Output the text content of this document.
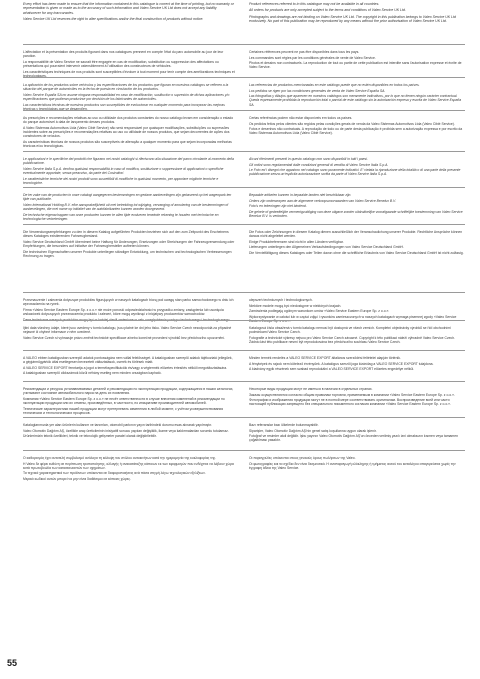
Every effort has been made to ensure that the information contained in this catalogue is correct at the time of printing, but no warranty or representation is given or made as to the accuracy of such information and Valeo Service UK Ltd does not accept any liability whatsoever for any inaccuracies.

Valeo Service UK Ltd reserves the right to alter specifications and/or the final construction of products without notice.

Product references referred to in this catalogue may not be available in all countries.

All orders for products are only accepted subject to the terms and conditions of Valeo Service UK Ltd.

Photographs and drawings are not binding on Valeo Service UK Ltd. The copyright in this publication belongs to Valeo Service UK Ltd exclusively. No part of this publication may be reproduced by any means without the prior authorisation of Valeo Service UK Ltd.

L'affectation et la présentation des produits figurant dans nos catalogues prennent en compte l'état du parc automobile au jour de leur parution.

La responsabilité de Valeo Service ne saurait être engagée en cas de modification, substitution ou suppression des affectations ou présentations qui pourraient intervenir ostensiblement à l'utilisation des constructeurs de véhicules.

Les caractéristiques techniques de nos produits sont susceptibles d'évoluer à tout moment pour tenir compte des améliorations techniques et technologiques.

Certaines références peuvent ne pas être disponibles dans tous les pays.

Les commandes sont régies par les conditions générales de vente de Valeo Service.

Photos et dessins non contractuels. La reproduction de tout ou partie de cette publication est interdite sans l'autorisation expresse et écrite de Valeo Service.

La aplicación de los productos sobre vehículos y las especificaciones de los productos que figuran en nuestros catálogos se refieren a la situación del parque de automóviles en la fecha de puesta en circulación de los productos.

Valeo Service España SA no asume ninguna responsabilidad en caso de modificación, sustitución o supresión de dichas aplicaciones y/o especificaciones que pudieran producirse por decisión de los fabricantes de automóviles.

Las características técnicas de nuestros productos son susceptibles de evolucionar en cualquier momento para incorporar las mejoras técnicas y tecnológicas que se desarrollen.

Las referencias de productos mencionadas en este catálogo puede que no estén disponibles en todos los países.

Los pedidos se rigen por las condiciones generales de venta de Valeo Service España SA.

Las fotografías y dibujos que aparecen en nuestros catálogos son meramente indicativos, por lo que no tienen ningún carácter contractual. Queda expresamente prohibida la reproducción total o parcial de este catálogo sin la autorización expresa y escrita de Valeo Service España SA.

As prescrições e recomendações relativas ao uso ou utilidade dos produtos constantes do nosso catálogo levam em consideração o estado do parque automóvel à data de lançamento desses produtos.

A Valeo Sistemas Automotivos Ltda (Valeo Cibié Service) não será responsável por quaisquer modificações, substituições ou supressões incidentes sobre as prescrições e recomendações relativas ao uso ou utilidade de nossos produtos, que sejam decorrentes de ações dos construtores de veículos.

As características técnicas de nossos produtos são susceptíveis de alteração a qualquer momento para que sejam incorporadas melhorias técnicas e/ou tecnológicas.

Certas referências podem não estar disponíveis em todos os países.

Os pedidos feitos pelos clientes são regidos pelas condições gerais de venda da Valeo Sistemas Automotivos Ltda (Valeo Cibié Service).

Fotos e desenhos não contratuais. A reprodução de todo ou de parte desta publicação é proibida sem a autorização expressa e por escrito da Valeo Sistemas Automotivos Ltda (Valeo Cibié Service).

Le applicazioni e le specifiche dei prodotti che figurano nei nostri cataloghi si riferiscono alla situazione del parco circolante al momento della pubblicazione.

Valeo Service Italia S.p.A. declina qualsiasi responsabilità in caso di modifica, sostituzione o soppressione di applicazioni o specifiche eventualmente apportate, senza preavviso, da parte dei Costruttori.

Le caratteristiche tecniche dei nostri prodotti sono suscettibili di modifiche in qualsiasi momento, per apportare migliorie tecniche e tecnologiche.

Alcuni riferimenti presenti in questo catalogo non sono disponibili in tutti i paesi.

Gli ordini sono regolamentati dalle condizioni generali di vendita di Valeo Service Italia S.p.A.

Le Foto ed i disegni che appaiono nel catalogo sono puramente indicativi. E' vietata la riproduzione della totalità o di una parte della presente pubblicazione senza un'esplicita autorizzazione scritta da parte di Valeo Service Italia S.p.A.

De ter zake van de producten in onze catalogi aangegeven bestemmingen en gedane aanbevelingen zijn gebaseerd op het wagenpark ten tijde van publicatie.

Valeo International Holding B.V. elke aansprakelijkheid uit met betrekking tot wijziging, vervanging of annulering van de bestemmingen of aanbevelingen, die met name op initiatief van de autofabrikanten kunnen worden doorgevoerd.

De technische eigenschappen van onze producten kunnen te allen tijde evolueren teneinde rekening te houden met technische en technologische verbeteringen.

Bepaalde artikelen kunnen in bepaalde landen niet beschikbaar zijn.

Orders zijn onderworpen aan de algemene verkoopsvoorwaarden van Valeo Service Benelux B.V.

Foto's en tekeningen zijn niet bindend.

De gehele of gedeeltelijke vermenigvuldiging van deze uitgave zonder uitdrukkelijke voorafgaande schriftelijke toestemming van Valeo Service Benelux B.V. is verboden.

Die Verwendungsempfehlungen zu den in diesem Katalog aufgeführten Produkten beziehen sich auf den zum Zeitpunkt des Erscheinens dieses Kataloges existierenden Fahrzeugbestand.

Valeo Service Deutschland GmbH übernimmt keine Haftung für Änderungen, Ersetzungen oder Streichungen der Fahrzeugverwendung oder Empfehlungen, die besonders auf Initiative der Fahrzeughersteller auftreten können.

Die technischen Eigenschaften unserer Produkte unterliegen ständiger Entwicklung, um technischen und technologischen Verbesserungen Rechnung zu tragen.

Die Fotos oder Zeichnungen in diesem Katalog dienen ausschließlich der Veranschaulichung unserer Produkte. Rechtliche Ansprüche können daraus nicht abgeleitet werden.

Einige Produktreferenzen sind nicht in allen Ländern verfügbar.

Lieferungen unterliegen den Allgemeinen Verkaufsbedingungen von Valeo Service Deutschland GmbH.

Die Vervielfältigung dieses Kataloges oder Teilen davon ohne die schriftliche Erlaubnis von Valeo Service Deutschland GmbH ist nicht zulässig.

Przeznaczenie i zalecenia dotyczące produktów figurujących w naszych katalogach biorą pod uwagę stan parku samochodowego w dniu ich wprowadzenia na rynek.

Firma «Valeo Service Eastern Europe Sp. z o.o.» nie może ponosić odpowiedzialności w przypadku zmiany, zastąpienia lub usunięcia wskazówek dotyczących przeznaczenia produktu i zaleceń, które mogą wyniknąć z inicjatywy producentów samochodów.

Dane techniczne naszych produktów mogą być w każdej chwili zmienione w celu uwzględnienia postępu technicznego i technologicznego.

ulepszeń technicznych i technologicznych.

Niektóre modele mogą być niedostępne w niektórych krajach.

Zamówienia podlegają ogólnym warunkom umów «Valeo Service Eastern Europe Sp. z o.o.».

Wykorzystywanie w całości lub w części zdjęć i rysunków zamieszczonych w naszych katalogach wymaga pisemnej zgody «Valeo Service Eastern Europe Sp. z o.o.».

Ijtini data všechny údaje, které jsou uvedeny v tomto katalogu, jsou platné ke dni jeho tisku. Valeo Service Czech nezodpovídá za případné nejasné či chybné informace v něm uvedené.

Valeo Service Czech si vyhrazuje právo změnit technické specifikace a/nebo konečné provedení výrobků bez předchozího upozornění.

Katalogová čísla obsažená v tomto katalogu nemusí být dostupná ve všech zemích. Kompletní objednávky výrobků se řídí obchodními podmínkami Valeo Service Czech.

Fotografie a technické výkresy nejsou pro Valeo Service Czech závazné. Copyright k této publikaci náleží výhradně Valeo Service Czech. Žádná část této publikace nesmí být reprodukována bez předchozího souhlasu Valeo Service Czech.

A VALEO ebben katalógusban szereplő adatok pontosságára nem vállal felelősséget. A katalógusban szereplő adatok tájékoztató jellegűek, a gépjárműgyártók által esetlegesen bevezetett változtatások, cserék és törlések miatt.

A VALEO SERVICE EXPORT fenntartja a jogot a termékspecifikációk és/vagy a végtermék előzetes értesítés nélküli megváltoztatására.

A katalógusban szereplő cikkszámok közül néhány esetleg nem minden országban kapható.

Minden termék rendelés a VALEO SERVICE EXPORT általános szerződési feltételei alapján történik.

A fényképek és rajzok nem kötelező érvényűek. A katalógus szerzői joga kizárólag a VALEO SERVICE EXPORT tulajdona.

A kiadvány egyik részének sem szabad reprodukálni a VALEO SERVICE EXPORT előzetes engedélye nélkül.

Рекомендации и ресурсы устанавливаемых деталей и рекомендации по эксплуатации продукции, содержащиеся в наших каталогах, учитывают состояние автомобильного парка на день их появления.

Компания «Valeo Service Eastern Europe Sp. z o.o.» не несёт ответственности в случае внесения изменений в рекомендации по эксплуатации продукции или их отмены, произведённых, в частности, по инициативе производителей автомобилей.

Технические характеристики нашей продукции могут претерпевать изменения в любой момент, с учётом усовершенствования технических и технологических процессов.

Некоторые виды продукции могут не иметься в наличии в отдельных странах.

Заказы осуществляются согласно общим правилам торговли, применяемым в компании «Valeo Service Eastern Europe Sp. z o.o.».

Фотографии и изображения продукции могут не в полной мере соответствовать оригиналам. Воспроизведение всей или части настоящей публикации запрещено без специального письменного согласия компании «Valeo Service Eastern Europe Sp. z o.o.».

Kataloglarımızda yer alan ürünlerin kullanım ve tanımları, otomobil parkının yayın tarihindeki durumu esas alınarak yapılmıştır.

Valeo Otomotiv Dağıtım AŞ, özellikle araç üreticilerinin inisiyatifi sonucu yapılan değişiklik, ikame veya kaldırmalardan sorumlu tutulamaz.

Ürünlerimizin teknik özellikleri, teknik ve teknolojik gelişmeler paralel olarak değiştirilebilir.

Bazı referanslar bazı ülkelerde bulunmayabilir.

Siparişler, Valeo Otomotiv Dağıtım AŞ'nin genel satış koşullarına uygun olarak işlenir.

Fotoğraf ve resimler akdi değildir. İşbu yayının Valeo Otomotiv Dağıtım AŞ'un önceden verilmiş yazılı izni olmaksızın kısmen veya tamamen çoğaltılması yasaktır.

Ο καθορισμός έχει αυτοτελή συμβολισμό ανάλογα τη κάλυψη του στόλου αυτοκινήτων κατά την ημερομηνία της κυκλοφορίας της.

Η Valeo δε φέρει ευθύνη σε περίπτωση τροποποίησης, αλλαγής ή ανακατάταξης κάποιων εκ των εφαρμογών που ενδέχεται να λάβουν χώρα κατά πρωτοβουλία των κατασκευαστών των οχημάτων.

Τα τεχνικά χαρακτηριστικά των προϊόντων υπόκεινται σε διαφοροποιήσεις ανά πάσα στιγμή λόγω τεχνολογικών εξελίξεων.

Μερικά κωδικοί αυτών μπορεί να μην είναι διαθέσιμοι σε κάποιες χώρες.

Οι παραγγελίες υπόκεινται στους γενικούς όρους πωλήσεων της Valeo.

Οι φωτογραφίες και τα σχέδια δεν είναι δεσμευτικά. Η αναπαραγωγή ολόκληρης ή τμήματος αυτού του καταλόγου απαγορεύεται χωρίς την έγγραφη άδεια της Valeo Service.

55
